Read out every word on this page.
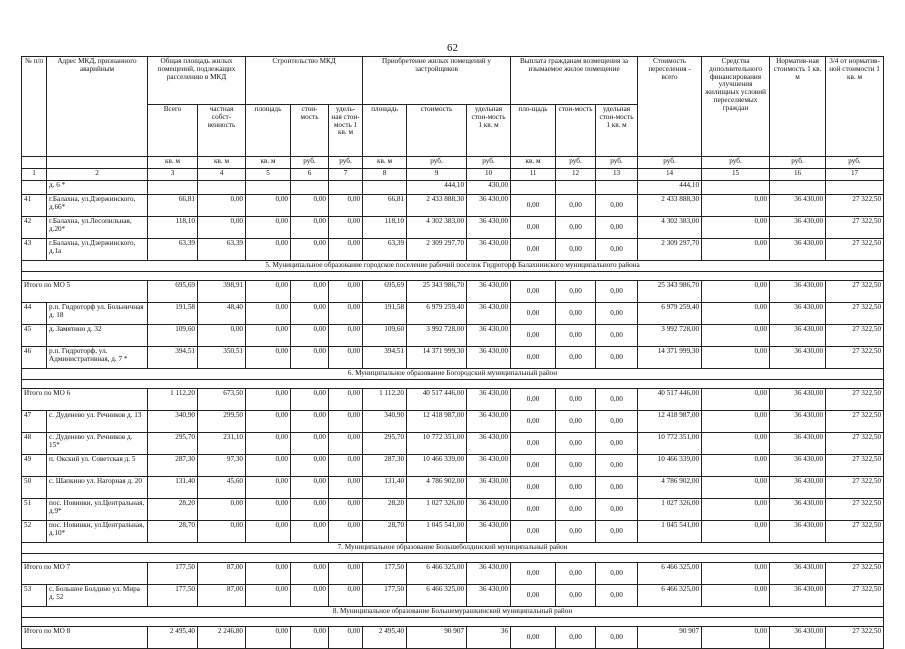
62
№ п/п	Адрес МКД, признанного аварийным	Общая площадь жилых помещений, подлежащих расселению в МКД		Строительство МКД			Приобретение жилых помещений у застройщиков			Выплата гражданам возмещения за изымаемое жилое помещение			Стоимость переселения - всего	Средства дополнительного финансирования улучшения жилищных условий переселяемых граждан	Норматив-ная стоимость 1 кв. м	3/4 от норматив-ной стоимости 1 кв. м
		Всего	частная собст-венность	площадь	стои-мость	удель-ная стои-мость 1 кв. м	площадь	стоимость	удельная стои-мость 1 кв. м	пло-щадь	стои-мость	удельная стои-мость 1 кв. м				
		кв. м	кв. м	кв. м	руб.	руб.	кв. м	руб.	руб.	кв. м	руб.	руб.	руб.	руб.	руб.	руб.
1	2	3	4	5	6	7	8	9	10	11	12	13	14	15	16	17
	д. 6 *							444,10	430,00				444,10			
41	г.Балахна, ул.Дзержинского, д.66*	66,81	0,00	0,00	0,00	0,00	66,81	2 433 888,30	36 430,00	0,00	0,00	0,00	2 433 888,30	0,00	36 430,00	27 322,50
42	г.Балахна, ул.Лесопильная, д.20*	118,10	0,00	0,00	0,00	0,00	118,10	4 302 383,00	36 430,00	0,00	0,00	0,00	4 302 383,00	0,00	36 430,00	27 322,50
43	г.Балахна, ул.Дзержинского, д.1а	63,39	63,39	0,00	0,00	0,00	63,39	2 309 297,70	36 430,00	0,00	0,00	0,00	2 309 297,70	0,00	36 430,00	27 322,50
5. Муниципальное образование городское поселение рабочий поселок Гидроторф Балахнинского муниципального района																

Итого по МО 5		695,69	398,91	0,00	0,00	0,00	695,69	25 343 986,70	36 430,00	0,00	0,00	0,00	25 343 986,70	0,00	36 430,00	27 322,50
44	р.п. Гидроторф ул. Больничная д. 18	191,58	48,40	0,00	0,00	0,00	191,58	6 979 259,40	36 430,00	0,00	0,00	0,00	6 979 259,40	0,00	36 430,00	27 322,50
45	д. Замятино д. 32	109,60	0,00	0,00	0,00	0,00	109,60	3 992 728,00	36 430,00	0,00	0,00	0,00	3 992 728,00	0,00	36 430,00	27 322,50
46	р.п. Гидроторф, ул. Административная, д. 7 *	394,51	350,51	0,00	0,00	0,00	394,51	14 371 999,30	36 430,00	0,00	0,00	0,00	14 371 999,30	0,00	36 430,00	27 322,50
6. Муниципальное образование Богородский муниципальный район																

Итого по МО 6		1 112,20	673,50	0,00	0,00	0,00	1 112,20	40 517 446,00	36 430,00	0,00	0,00	0,00	40 517 446,00	0,00	36 430,00	27 322,50
47	с. Дуденево ул. Речников д. 13	340,90	299,50	0,00	0,00	0,00	340,90	12 418 987,00	36 430,00	0,00	0,00	0,00	12 418 987,00	0,00	36 430,00	27 322,50
48	с. Дуденево ул. Речников д. 15*	295,70	231,10	0,00	0,00	0,00	295,70	10 772 351,00	36 430,00	0,00	0,00	0,00	10 772 351,00	0,00	36 430,00	27 322,50
49	п. Окский ул. Советская д. 5	287,30	97,30	0,00	0,00	0,00	287,30	10 466 339,00	36 430,00	0,00	0,00	0,00	10 466 339,00	0,00	36 430,00	27 322,50
50	с. Шапкино ул. Нагорная д. 20	131,40	45,60	0,00	0,00	0,00	131,40	4 786 902,00	36 430,00	0,00	0,00	0,00	4 786 902,00	0,00	36 430,00	27 322,50
51	пос. Новинки, ул.Центральная, д.9*	28,20	0,00	0,00	0,00	0,00	28,20	1 027 326,00	36 430,00	0,00	0,00	0,00	1 027 326,00	0,00	36 430,00	27 322,50
52	пос. Новинки, ул.Центральная, д.10*	28,70	0,00	0,00	0,00	0,00	28,70	1 045 541,00	36 430,00	0,00	0,00	0,00	1 045 541,00	0,00	36 430,00	27 322,50
7. Муниципальное образование Большеболдинский муниципальный район																

Итого по МО 7		177,50	87,00	0,00	0,00	0,00	177,50	6 466 325,00	36 430,00	0,00	0,00	0,00	6 466 325,00	0,00	36 430,00	27 322,50
53	с. Большое Болдино ул. Мира д. 52	177,50	87,00	0,00	0,00	0,00	177,50	6 466 325,00	36 430,00	0,00	0,00	0,00	6 466 325,00	0,00	36 430,00	27 322,50
8. Муниципальное образование Большемурашкинский муниципальный район																

Итого по МО 8		2 495,40	2 246,80	0,00	0,00	0,00	2 495,40	90 907	36	0,00	0,00	0,00	90 907	0,00	36 430,00	27 322,50
